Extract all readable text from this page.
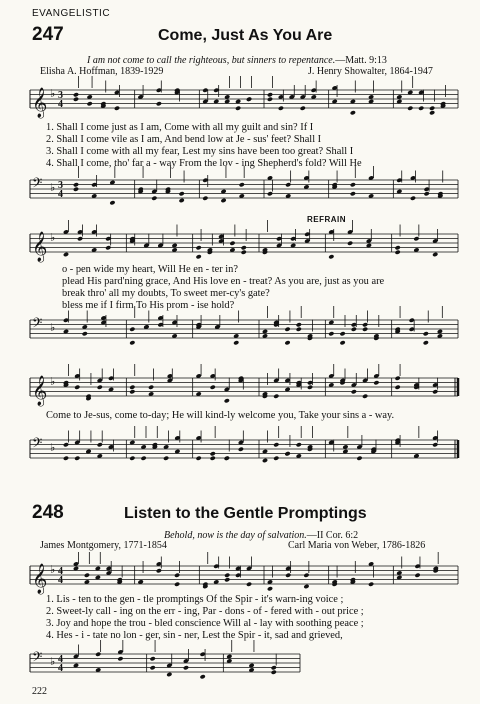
EVANGELISTIC
247	Come, Just As You Are
I am not come to call the righteous, but sinners to repentance.—Matt. 9:13
Elisha A. Hoffman, 1839-1929	J. Henry Showalter, 1864-1947
𝄞 ♭ 3
4
1. Shall I come just as I am, Come with all my guilt and sin? If I
2. Shall I come vile as I am, And bend low at Je - sus' feet? Shall I
3. Shall I come with all my fear, Lest my sins have been too great? Shall I
4. Shall I come, tho' far a - way From the lov - ing Shepherd's fold? Will He
𝄢 ♭ 3
4
REFRAIN
𝄞 ♭
o - pen wide my heart, Will He en - ter in?
plead His pard'ning grace, And His love en - treat? As you are, just as you are
break thro' all my doubts, To sweet mer-cy's gate?
bless me if I firm To His prom - ise hold?
𝄢 ♭
𝄞 ♭
Come to Je-sus, come to-day; He will kind-ly welcome you, Take your sins a - way.
𝄢 ♭
248	Listen to the Gentle Promptings
Behold, now is the day of salvation.—II Cor. 6:2
James Montgomery, 1771-1854	Carl Maria von Weber, 1786-1826
𝄞 ♭ 4
4
1. Lis - ten to the gen - tle promptings Of the Spir - it's warn-ing voice ;
2. Sweet-ly call - ing on the err - ing, Par - dons - of - fered with - out price ;
3. Joy and hope the trou - bled conscience Will al - lay with soothing peace ;
4. Hes - i - tate no lon - ger, sin - ner, Lest the Spir - it, sad and grieved,
𝄢 ♭ 4
4
222
